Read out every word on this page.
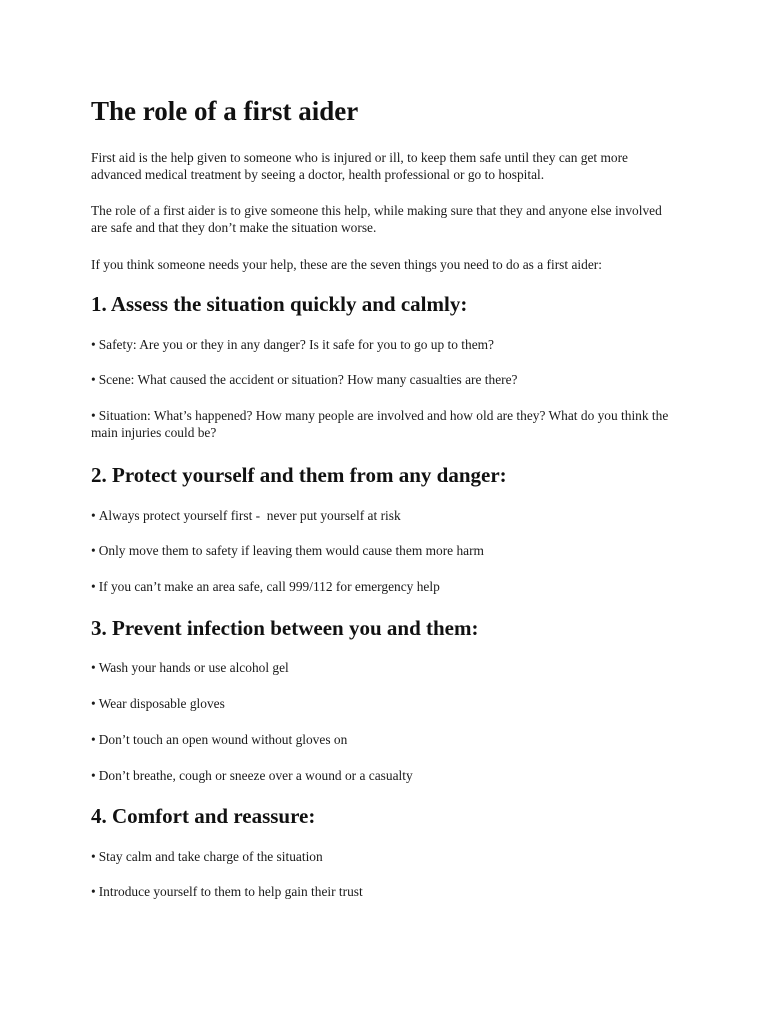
The role of a first aider

First aid is the help given to someone who is injured or ill, to keep them safe until they can get more advanced medical treatment by seeing a doctor, health professional or go to hospital.

The role of a first aider is to give someone this help, while making sure that they and anyone else involved are safe and that they don’t make the situation worse.

If you think someone needs your help, these are the seven things you need to do as a first aider:

1. Assess the situation quickly and calmly:

• Safety: Are you or they in any danger? Is it safe for you to go up to them?

• Scene: What caused the accident or situation? How many casualties are there?

• Situation: What’s happened? How many people are involved and how old are they? What do you think the main injuries could be?

2. Protect yourself and them from any danger:

• Always protect yourself first -  never put yourself at risk

• Only move them to safety if leaving them would cause them more harm

• If you can’t make an area safe, call 999/112 for emergency help

3. Prevent infection between you and them:

• Wash your hands or use alcohol gel

• Wear disposable gloves

• Don’t touch an open wound without gloves on

• Don’t breathe, cough or sneeze over a wound or a casualty

4. Comfort and reassure:

• Stay calm and take charge of the situation

• Introduce yourself to them to help gain their trust
